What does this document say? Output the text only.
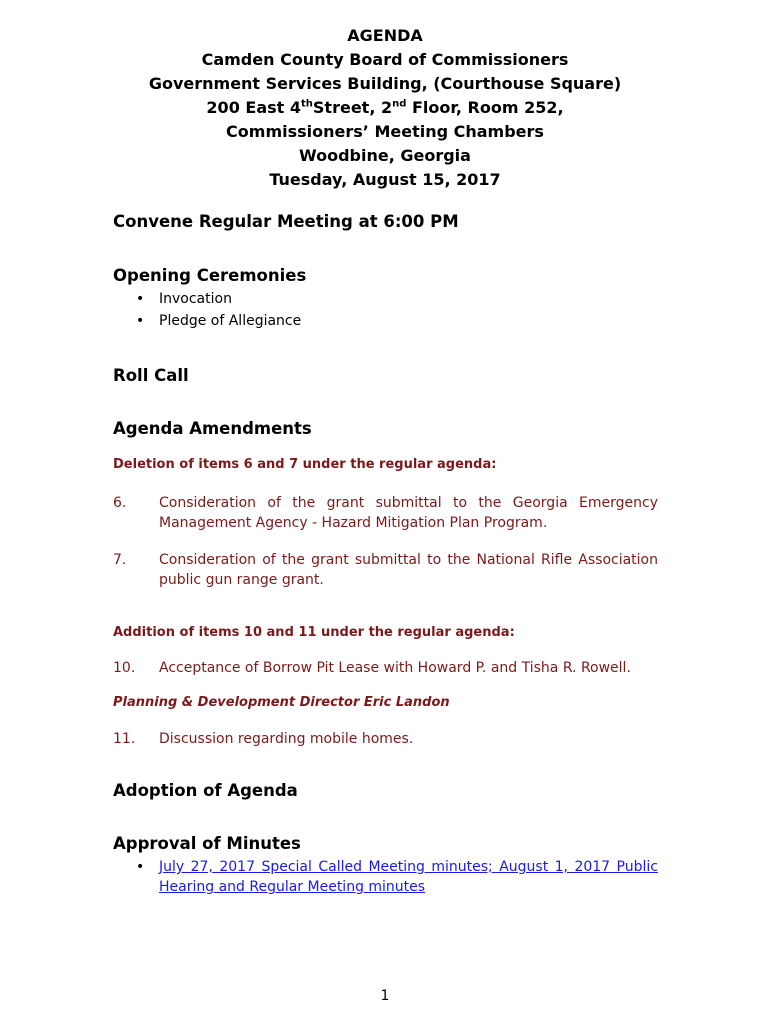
AGENDA
Camden County Board of Commissioners
Government Services Building, (Courthouse Square)
200 East 4thStreet, 2nd Floor, Room 252,
Commissioners’ Meeting Chambers
Woodbine, Georgia
Tuesday, August 15, 2017
Convene Regular Meeting at 6:00 PM
Opening Ceremonies
• Invocation
• Pledge of Allegiance
Roll Call
Agenda Amendments
Deletion of items 6 and 7 under the regular agenda:
6. Consideration of the grant submittal to the Georgia Emergency Management Agency - Hazard Mitigation Plan Program.
7. Consideration of the grant submittal to the National Rifle Association public gun range grant.
Addition of items 10 and 11 under the regular agenda:
10. Acceptance of Borrow Pit Lease with Howard P. and Tisha R. Rowell.
Planning & Development Director Eric Landon
11. Discussion regarding mobile homes.
Adoption of Agenda
Approval of Minutes
• July 27, 2017 Special Called Meeting minutes; August 1, 2017 Public Hearing and Regular Meeting minutes
1
